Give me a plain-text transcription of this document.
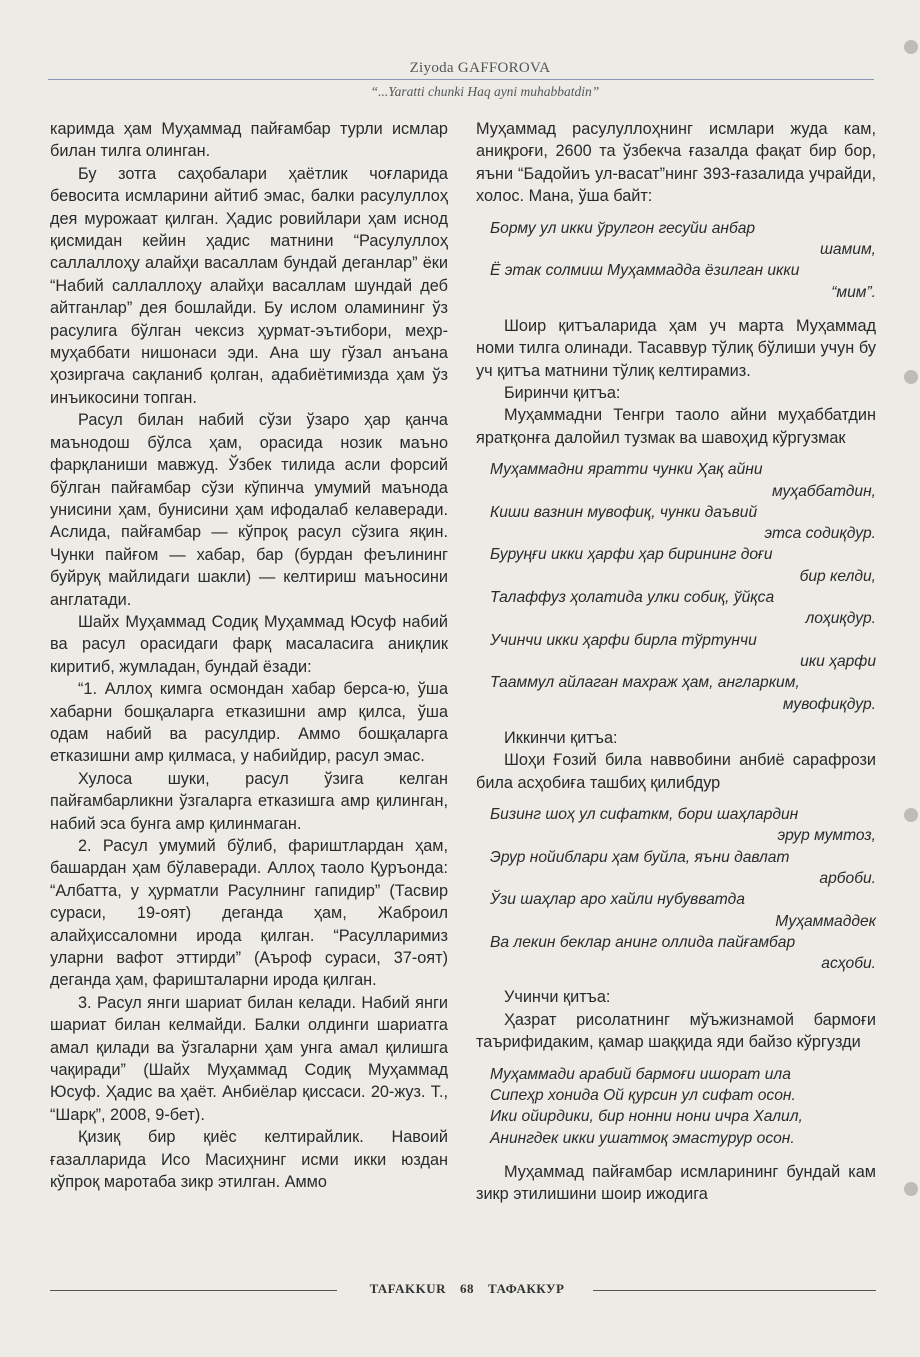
Ziyoda GAFFOROVA
“...Yaratti chunki Haq ayni muhabbatdin”

каримда ҳам Муҳаммад пайғамбар турли исмлар билан тилга олинган.

Бу зотга саҳобалари ҳаётлик чоғларида бевосита исмларини айтиб эмас, балки расулуллоҳ дея мурожаат қилган. Ҳадис ровийлари ҳам иснод қисмидан кейин ҳадис матнини “Расулуллоҳ саллаллоҳу алайҳи васаллам бундай деганлар” ёки “Набий саллаллоҳу алайҳи васаллам шундай деб айтганлар” дея бошлайди. Бу ислом оламининг ўз расулига бўлган чексиз ҳурмат-эътибори, меҳр-муҳаббати нишонаси эди. Ана шу гўзал анъана ҳозиргача сақланиб қолган, адабиётимизда ҳам ўз инъикосини топган.

Расул билан набий сўзи ўзаро ҳар қанча маънодош бўлса ҳам, орасида нозик маъно фарқланиши мавжуд. Ўзбек тилида асли форсий бўлган пайғамбар сўзи кўпинча умумий маънода унисини ҳам, бунисини ҳам ифодалаб келаверади. Аслида, пайғамбар — кўпроқ расул сўзига яқин. Чунки пайғом — хабар, бар (бурдан феълининг буйруқ майлидаги шакли) — келтириш маъносини англатади.

Шайх Муҳаммад Содиқ Муҳаммад Юсуф набий ва расул орасидаги фарқ масаласига аниқлик киритиб, жумладан, бундай ёзади:

“1. Аллоҳ кимга осмондан хабар берса-ю, ўша хабарни бошқаларга етказишни амр қилса, ўша одам набий ва расулдир. Аммо бошқаларга етказишни амр қилмаса, у набийдир, расул эмас.

Хулоса шуки, расул ўзига келган пайғамбарликни ўзгаларга етказишга амр қилинган, набий эса бунга амр қилинмаган.

2. Расул умумий бўлиб, фариштлардан ҳам, башардан ҳам бўлаверади. Аллоҳ таоло Қуръонда: “Албатта, у ҳурматли Расулнинг гапидир” (Тасвир сураси, 19-оят) деганда ҳам, Жаброил алайҳиссаломни ирода қилган. “Расулларимиз уларни вафот эттирди” (Аъроф сураси, 37-оят) деганда ҳам, фаришталарни ирода қилган.

3. Расул янги шариат билан келади. Набий янги шариат билан келмайди. Балки олдинги шариатга амал қилади ва ўзгаларни ҳам унга амал қилишга чақиради” (Шайх Муҳаммад Содиқ Муҳаммад Юсуф. Ҳадис ва ҳаёт. Анбиёлар қиссаси. 20-жуз. Т., “Шарқ”, 2008, 9-бет).

Қизиқ бир қиёс келтирайлик. Навоий ғазалларида Исо Масиҳнинг исми икки юздан кўпроқ маротаба зикр этилган. Аммо

Муҳаммад расулуллоҳнинг исмлари жуда кам, аниқроғи, 2600 та ўзбекча ғазалда фақат бир бор, яъни “Бадойиъ ул-васат”нинг 393-ғазалида учрайди, холос. Мана, ўша байт:

Борму ул икки ўрулгон гесуйи анбар
шамим,
Ё этак солмиш Муҳаммадда ёзилган икки
“мим”.

Шоир қитъаларида ҳам уч марта Муҳаммад номи тилга олинади. Тасаввур тўлиқ бўлиши учун бу уч қитъа матнини тўлиқ келтирамиз.

Биринчи қитъа:

Муҳаммадни Тенгри таоло айни муҳаббатдин яратқонға далойил тузмак ва шавоҳид кўргузмак

Муҳаммадни яратти чунки Ҳақ айни
муҳаббатдин,
Киши вазнин мувофиқ, чунки даъвий
этса содиқдур.
Буруңғи икки ҳарфи ҳар бирининг доғи
бир келди,
Талаффуз ҳолатида улки собиқ, ўйқса
лоҳиқдур.
Учинчи икки ҳарфи бирла тўртунчи
ики ҳарфи
Тааммул айлаган махраж ҳам, англарким,
мувофиқдур.

Иккинчи қитъа:

Шоҳи Ғозий била наввобини анбиё сарафрози била асҳобиға ташбиҳ қилибдур

Бизинг шоҳ ул сифаткм, бори шаҳлардин
эрур мумтоз,
Эрур нойиблари ҳам буйла, яъни давлат
арбоби.
Ўзи шаҳлар аро хайли нубувватда
Муҳаммаддек
Ва лекин беклар анинг оллида пайғамбар
асҳоби.

Учинчи қитъа:

Ҳазрат рисолатнинг мўъжизнамой бармоғи таърифидаким, қамар шаққида яди байзо кўргузди

Муҳаммади арабий бармоғи ишорат ила
Сипеҳр хонида Ой қурсин ул сифат осон.
Ики ойирдики, бир нонни нони ичра Халил,
Анингдек икки ушатмоқ эмастурур осон.

Муҳаммад пайғамбар исмларининг бундай кам зикр этилишини шоир ижодига

TAFAKKUR 68 ТАФАККУР
